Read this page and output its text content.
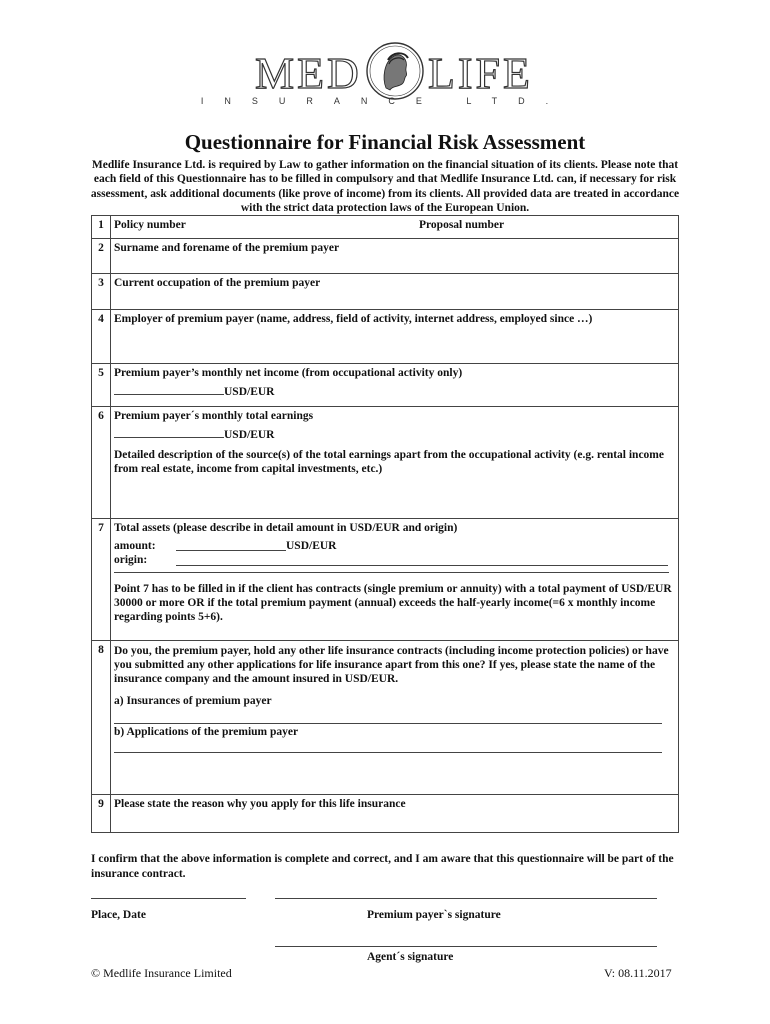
MED LIFE
INSURANCE LTD.
Questionnaire for Financial Risk Assessment
Medlife Insurance Ltd. is required by Law to gather information on the financial situation of its clients. Please note that each field of this Questionnaire has to be filled in compulsory and that Medlife Insurance Ltd. can, if necessary for risk assessment, ask additional documents (like prove of income) from its clients. All provided data are treated in accordance with the strict data protection laws of the European Union.
1	Policy number Proposal number

2	Surname and forename of the premium payer
3	Current occupation of the premium payer
4	Employer of premium payer (name, address, field of activity, internet address, employed since …)
5	Premium payer’s monthly net income (from occupational activity only)
USD/EUR

6	Premium payer´s monthly total earnings
USD/EUR
Detailed description of the source(s) of the total earnings apart from the occupational activity (e.g. rental income from real estate, income from capital investments, etc.)

7	Total assets (please describe in detail amount in USD/EUR and origin)
amount: USD/EUR
origin:
Point 7 has to be filled in if the client has contracts (single premium or annuity) with a total payment of USD/EUR 30000 or more OR if the total premium payment (annual) exceeds the half-yearly income(=6 x monthly income regarding points 5+6).

8	Do you, the premium payer, hold any other life insurance contracts (including income protection policies) or have you submitted any other applications for life insurance apart from this one? If yes, please state the name of the insurance company and the amount insured in USD/EUR.
a) Insurances of premium payer
b) Applications of the premium payer

9	Please state the reason why you apply for this life insurance
I confirm that the above information is complete and correct, and I am aware that this questionnaire will be part of the insurance contract.
Place, Date	Premium payer`s signature
Agent´s signature
© Medlife Insurance Limited	V: 08.11.2017
